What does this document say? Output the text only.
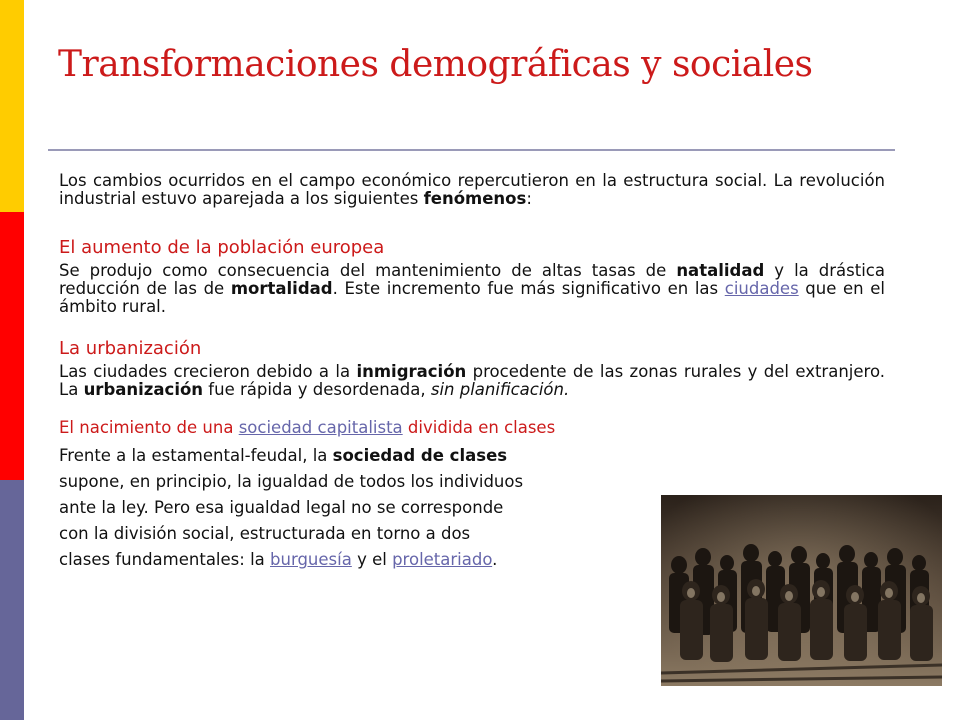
Transformaciones demográficas y sociales

Los cambios ocurridos en el campo económico repercutieron en la estructura social. La revolución industrial estuvo aparejada a los siguientes fenómenos:

El aumento de la población europea

Se produjo como consecuencia del mantenimiento de altas tasas de natalidad y la drástica reducción de las de mortalidad. Este incremento fue más significativo en las ciudades que en el ámbito rural.

La urbanización

Las ciudades crecieron debido a la inmigración procedente de las zonas rurales y del extranjero. La urbanización fue rápida y desordenada, sin planificación.

El nacimiento de una sociedad capitalista dividida en clases

Frente a la estamental-feudal, la sociedad de clases

supone, en principio, la igualdad de todos los individuos

ante la ley. Pero esa igualdad legal no se corresponde

con la división social, estructurada en torno a dos

clases fundamentales: la burguesía y el proletariado.
